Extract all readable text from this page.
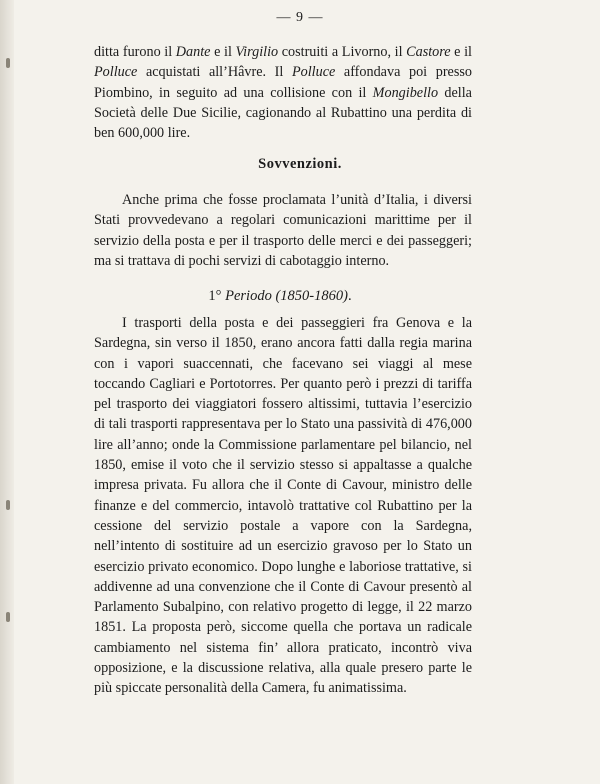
— 9 —

ditta furono il Dante e il Virgilio costruiti a Livorno, il Castore e il Polluce acquistati all’Hâvre. Il Polluce affondava poi presso Piombino, in seguito ad una collisione con il Mongibello della Società delle Due Sicilie, cagionando al Rubattino una perdita di ben 600,000 lire.

Sovvenzioni.

Anche prima che fosse proclamata l’unità d’Italia, i diversi Stati provvedevano a regolari comunicazioni marittime per il servizio della posta e per il trasporto delle merci e dei passeggeri; ma si trattava di pochi servizi di cabotaggio interno.

1° Periodo (1850-1860).

I trasporti della posta e dei passeggieri fra Genova e la Sardegna, sin verso il 1850, erano ancora fatti dalla regia marina con i vapori suaccennati, che facevano sei viaggi al mese toccando Cagliari e Portotorres. Per quanto però i prezzi di tariffa pel trasporto dei viaggiatori fossero altissimi, tuttavia l’esercizio di tali trasporti rappresentava per lo Stato una passività di 476,000 lire all’anno; onde la Commissione parlamentare pel bilancio, nel 1850, emise il voto che il servizio stesso si appaltasse a qualche impresa privata. Fu allora che il Conte di Cavour, ministro delle finanze e del commercio, intavolò trattative col Rubattino per la cessione del servizio postale a vapore con la Sardegna, nell’intento di sostituire ad un esercizio gravoso per lo Stato un esercizio privato economico. Dopo lunghe e laboriose trattative, si addivenne ad una convenzione che il Conte di Cavour presentò al Parlamento Subalpino, con relativo progetto di legge, il 22 marzo 1851. La proposta però, siccome quella che portava un radicale cambiamento nel sistema fin’ allora praticato, incontrò viva opposizione, e la discussione relativa, alla quale presero parte le più spiccate personalità della Camera, fu animatissima.
